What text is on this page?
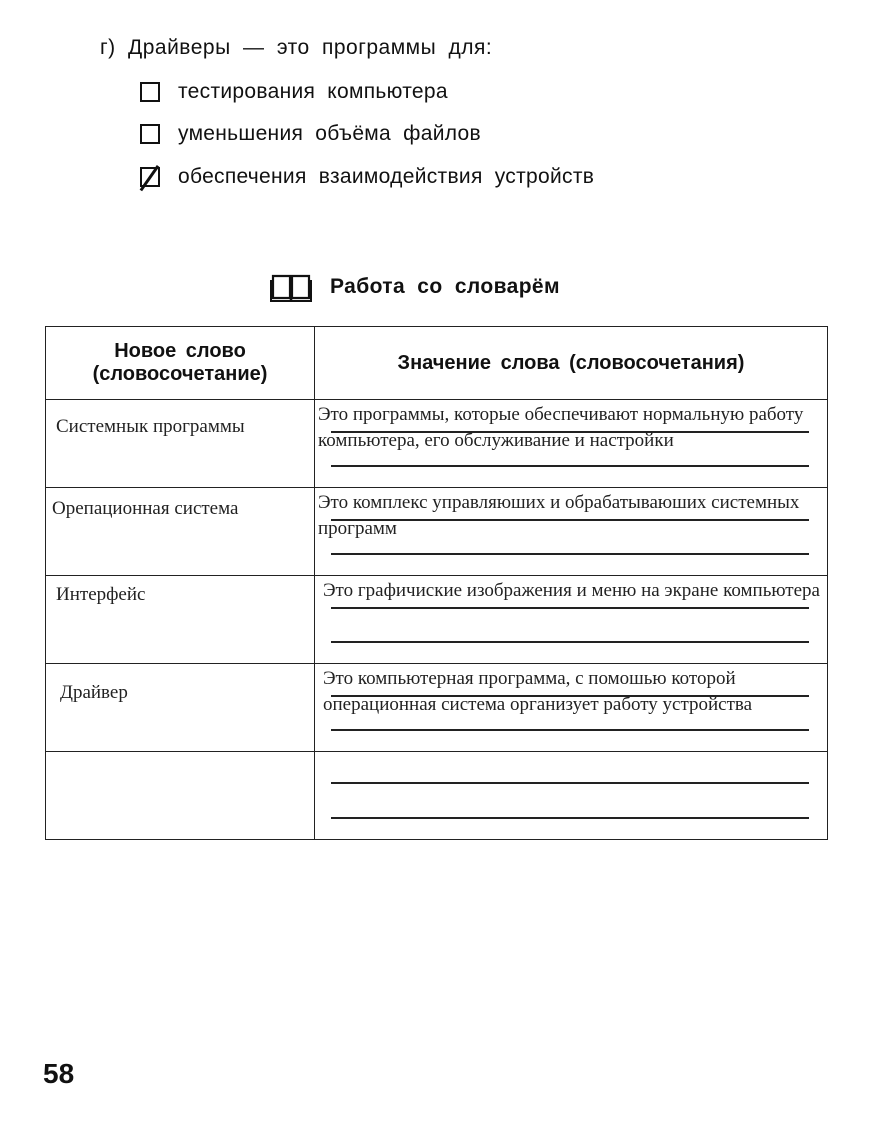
г) Драйверы — это программы для:
тестирования компьютера
уменьшения объёма файлов
обеспечения взаимодействия устройств
Работа со словарём
Новое слово (словосочетание)	Значение слова (словосочетания)

Системнык программы	Это программы, которые обеспечивают нормальную работу компьютера, его обслуживание и настройки

Орепационная система	Это комплекс управляюших и обрабатываюших системных программ

Интерфейс	Это графичиские изображения и меню на экране компьютера

Драйвер	Это компьютерная программа, с помошью которой операционная система организует работу устройства

58
